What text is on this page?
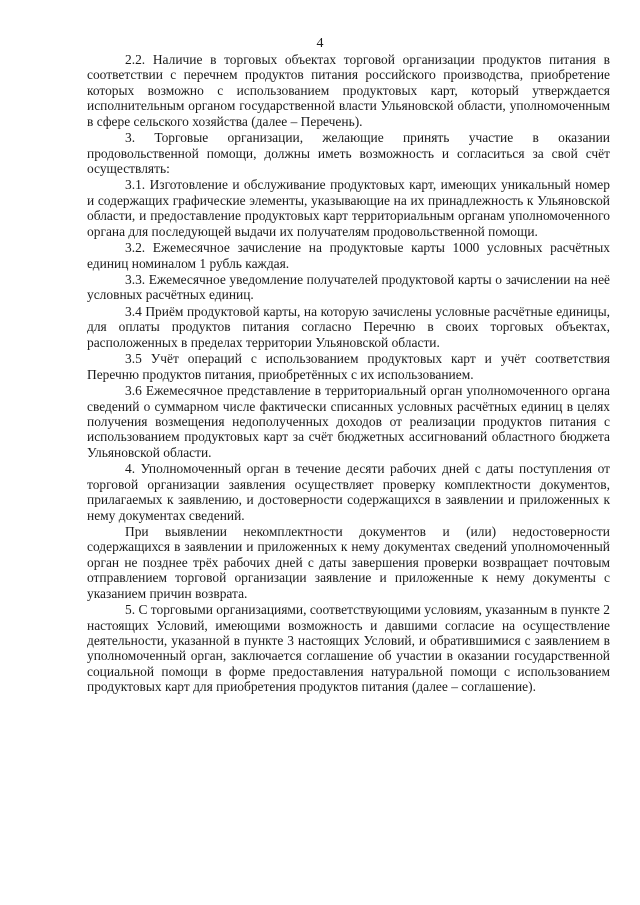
4

2.2. Наличие в торговых объектах торговой организации продуктов питания в соответствии с перечнем продуктов питания российского производства, приобретение которых возможно с использованием продуктовых карт, который утверждается исполнительным органом государственной власти Ульяновской области, уполномоченным в сфере сельского хозяйства (далее – Перечень).

3. Торговые организации, желающие принять участие в оказании продовольственной помощи, должны иметь возможность и согласиться за свой счёт осуществлять:

3.1. Изготовление и обслуживание продуктовых карт, имеющих уникальный номер и содержащих графические элементы, указывающие на их принадлежность к Ульяновской области, и предоставление продуктовых карт территориальным органам уполномоченного органа для последующей выдачи их получателям продовольственной помощи.

3.2. Ежемесячное зачисление на продуктовые карты 1000 условных расчётных единиц номиналом 1 рубль каждая.

3.3. Ежемесячное уведомление получателей продуктовой карты о зачислении на неё условных расчётных единиц.

3.4 Приём продуктовой карты, на которую зачислены условные расчётные единицы, для оплаты продуктов питания согласно Перечню в своих торговых объектах, расположенных в пределах территории Ульяновской области.

3.5 Учёт операций с использованием продуктовых карт и учёт соответствия Перечню продуктов питания, приобретённых с их использованием.

3.6 Ежемесячное представление в территориальный орган уполномоченного органа сведений о суммарном числе фактически списанных условных расчётных единиц в целях получения возмещения недополученных доходов от реализации продуктов питания с использованием продуктовых карт за счёт бюджетных ассигнований областного бюджета Ульяновской области.

4. Уполномоченный орган в течение десяти рабочих дней с даты поступления от торговой организации заявления осуществляет проверку комплектности документов, прилагаемых к заявлению, и достоверности содержащихся в заявлении и приложенных к нему документах сведений.

При выявлении некомплектности документов и (или) недостоверности содержащихся в заявлении и приложенных к нему документах сведений уполномоченный орган не позднее трёх рабочих дней с даты завершения проверки возвращает почтовым отправлением торговой организации заявление и приложенные к нему документы с указанием причин возврата.

5. С торговыми организациями, соответствующими условиям, указанным в пункте 2 настоящих Условий, имеющими возможность и давшими согласие на осуществление деятельности, указанной в пункте 3 настоящих Условий, и обратившимися с заявлением в уполномоченный орган, заключается соглашение об участии в оказании государственной социальной помощи в форме предоставления натуральной помощи с использованием продуктовых карт для приобретения продуктов питания (далее – соглашение).
